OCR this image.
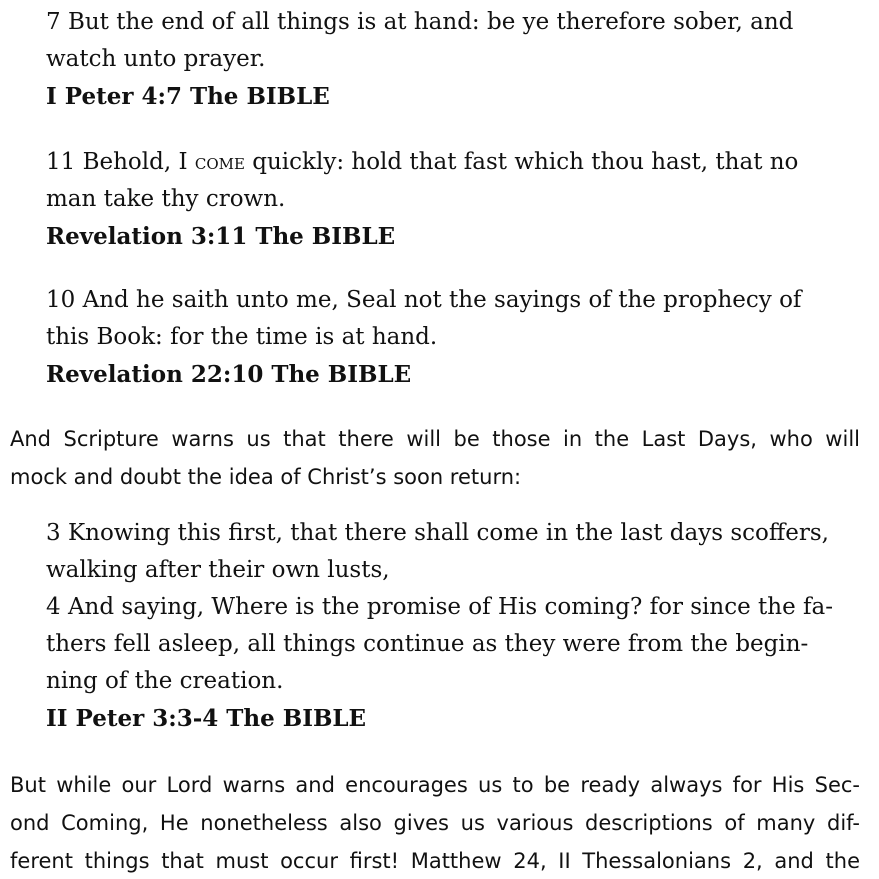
7 But the end of all things is at hand: be ye therefore sober, and
watch unto prayer.
I Peter 4:7 The BIBLE
11 Behold, I come quickly: hold that fast which thou hast, that no
man take thy crown.
Revelation 3:11 The BIBLE
10 And he saith unto me, Seal not the sayings of the prophecy of
this Book: for the time is at hand.
Revelation 22:10 The BIBLE
And Scripture warns us that there will be those in the Last Days, who will
mock and doubt the idea of Christ’s soon return:
3 Knowing this first, that there shall come in the last days scoffers,
walking after their own lusts,
4 And saying, Where is the promise of His coming? for since the fa-
thers fell asleep, all things continue as they were from the begin-
ning of the creation.
II Peter 3:3-4 The BIBLE
But while our Lord warns and encourages us to be ready always for His Sec-
ond Coming, He nonetheless also gives us various descriptions of many dif-
ferent things that must occur first! Matthew 24, II Thessalonians 2, and the
